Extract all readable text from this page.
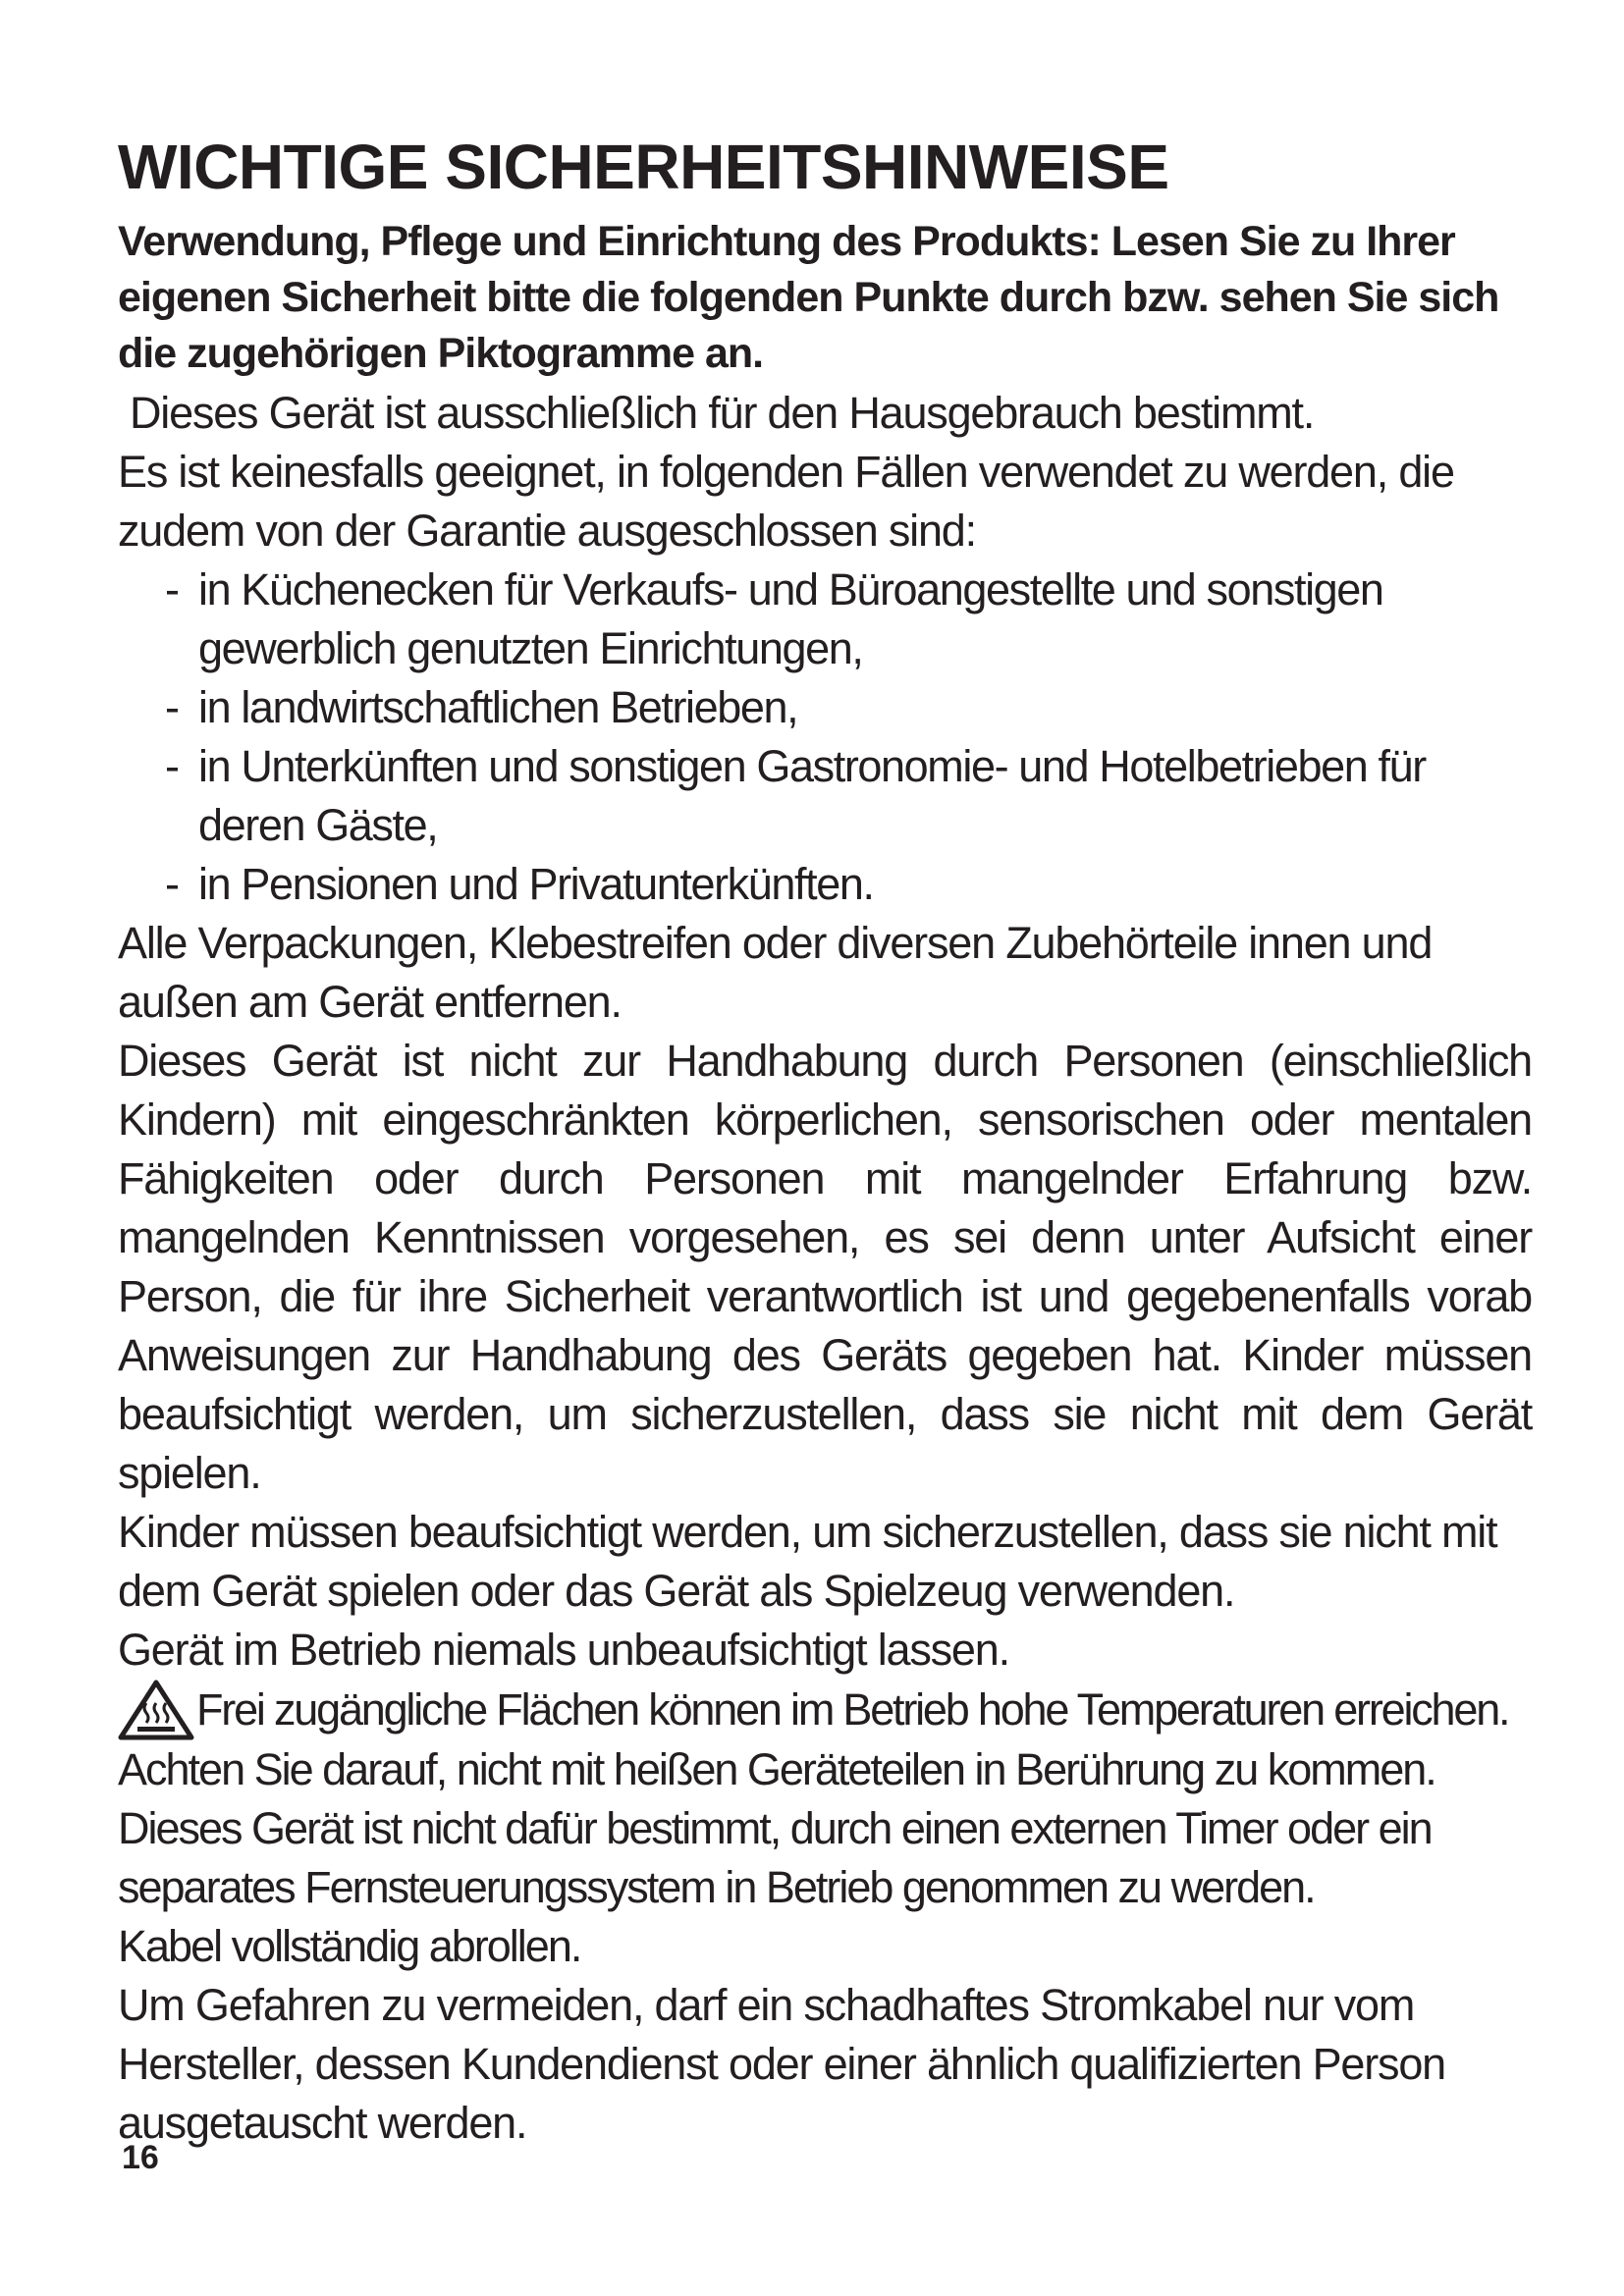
WICHTIGE SICHERHEITSHINWEISE

Verwendung, Pflege und Einrichtung des Produkts: Lesen Sie zu Ihrer eigenen Sicherheit bitte die folgenden Punkte durch bzw. sehen Sie sich die zugehörigen Piktogramme an.

Dieses Gerät ist ausschließlich für den Hausgebrauch bestimmt.

Es ist keinesfalls geeignet, in folgenden Fällen verwendet zu werden, die zudem von der Garantie ausgeschlossen sind:

- in Küchenecken für Verkaufs- und Büroangestellte und sonstigen gewerblich genutzten Einrichtungen,
- in landwirtschaftlichen Betrieben,
- in Unterkünften und sonstigen Gastronomie- und Hotelbetrieben für deren Gäste,
- in Pensionen und Privatunterkünften.

Alle Verpackungen, Klebestreifen oder diversen Zubehörteile innen und außen am Gerät entfernen.

Dieses Gerät ist nicht zur Handhabung durch Personen (einschließlich Kindern) mit eingeschränkten körperlichen, sensorischen oder mentalen Fähigkeiten oder durch Personen mit mangelnder Erfahrung bzw. mangelnden Kenntnissen vorgesehen, es sei denn unter Aufsicht einer Person, die für ihre Sicherheit verantwortlich ist und gegebenenfalls vorab Anweisungen zur Handhabung des Geräts gegeben hat. Kinder müssen beaufsichtigt werden, um sicherzustellen, dass sie nicht mit dem Gerät spielen.

Kinder müssen beaufsichtigt werden, um sicherzustellen, dass sie nicht mit dem Gerät spielen oder das Gerät als Spielzeug verwenden.

Gerät im Betrieb niemals unbeaufsichtigt lassen.

Frei zugängliche Flächen können im Betrieb hohe Temperaturen erreichen.

Achten Sie darauf, nicht mit heißen Geräteteilen in Berührung zu kommen.

Dieses Gerät ist nicht dafür bestimmt, durch einen externen Timer oder ein separates Fernsteuerungssystem in Betrieb genommen zu werden.

Kabel vollständig abrollen.

Um Gefahren zu vermeiden, darf ein schadhaftes Stromkabel nur vom Hersteller, dessen Kundendienst oder einer ähnlich qualifizierten Person ausgetauscht werden.

16
